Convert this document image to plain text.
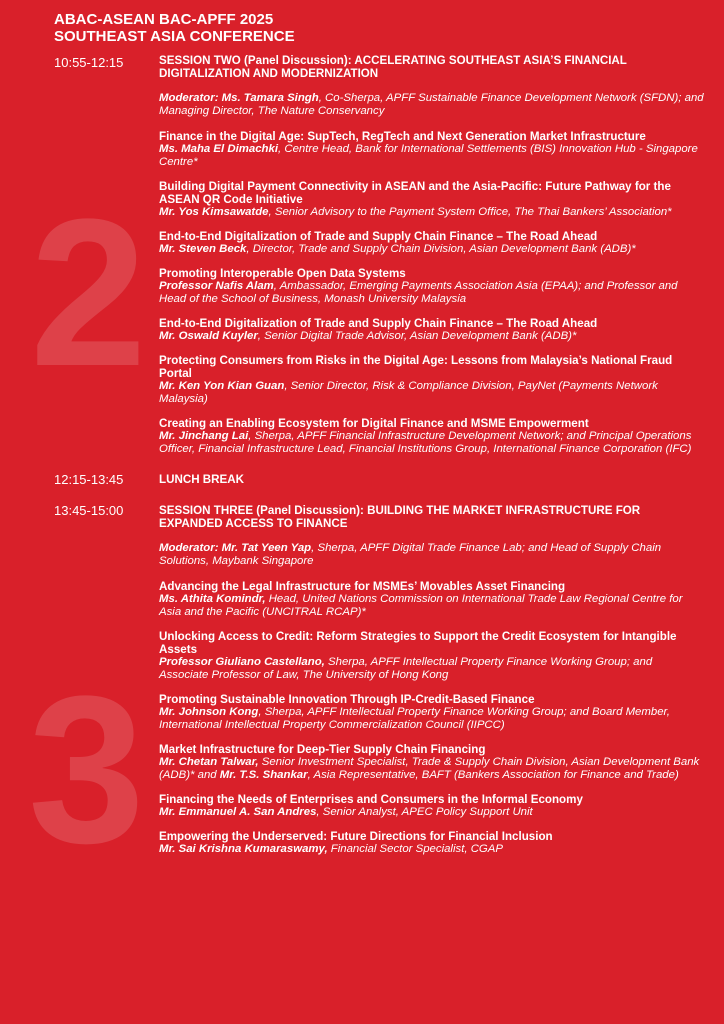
ABAC-ASEAN BAC-APFF 2025
SOUTHEAST ASIA CONFERENCE
2
3
10:55-12:15	SESSION TWO (Panel Discussion): ACCELERATING SOUTHEAST ASIA’S FINANCIAL DIGITALIZATION AND MODERNIZATION
Moderator: Ms. Tamara Singh, Co-Sherpa, APFF Sustainable Finance Development Network (SFDN); and Managing Director, The Nature Conservancy
Finance in the Digital Age: SupTech, RegTech and Next Generation Market Infrastructure
Ms. Maha El Dimachki, Centre Head, Bank for International Settlements (BIS) Innovation Hub - Singapore Centre*
Building Digital Payment Connectivity in ASEAN and the Asia-Pacific: Future Pathway for the ASEAN QR Code Initiative
Mr. Yos Kimsawatde, Senior Advisory to the Payment System Office, The Thai Bankers’ Association*
End-to-End Digitalization of Trade and Supply Chain Finance – The Road Ahead
Mr. Steven Beck, Director, Trade and Supply Chain Division, Asian Development Bank (ADB)*
Promoting Interoperable Open Data Systems
Professor Nafis Alam, Ambassador, Emerging Payments Association Asia (EPAA); and Professor and Head of the School of Business, Monash University Malaysia
End-to-End Digitalization of Trade and Supply Chain Finance – The Road Ahead
Mr. Oswald Kuyler, Senior Digital Trade Advisor, Asian Development Bank (ADB)*
Protecting Consumers from Risks in the Digital Age: Lessons from Malaysia’s National Fraud Portal
Mr. Ken Yon Kian Guan, Senior Director, Risk & Compliance Division, PayNet (Payments Network Malaysia)
Creating an Enabling Ecosystem for Digital Finance and MSME Empowerment
Mr. Jinchang Lai, Sherpa, APFF Financial Infrastructure Development Network; and Principal Operations Officer, Financial Infrastructure Lead, Financial Institutions Group, International Finance Corporation (IFC)
12:15-13:45	LUNCH BREAK
13:45-15:00	SESSION THREE (Panel Discussion): BUILDING THE MARKET INFRASTRUCTURE FOR EXPANDED ACCESS TO FINANCE
Moderator: Mr. Tat Yeen Yap, Sherpa, APFF Digital Trade Finance Lab; and Head of Supply Chain Solutions, Maybank Singapore
Advancing the Legal Infrastructure for MSMEs’ Movables Asset Financing
Ms. Athita Komindr, Head, United Nations Commission on International Trade Law Regional Centre for Asia and the Pacific (UNCITRAL RCAP)*
Unlocking Access to Credit: Reform Strategies to Support the Credit Ecosystem for Intangible Assets
Professor Giuliano Castellano, Sherpa, APFF Intellectual Property Finance Working Group; and Associate Professor of Law, The University of Hong Kong
Promoting Sustainable Innovation Through IP-Credit-Based Finance
Mr. Johnson Kong, Sherpa, APFF Intellectual Property Finance Working Group; and Board Member, International Intellectual Property Commercialization Council (IIPCC)
Market Infrastructure for Deep-Tier Supply Chain Financing
Mr. Chetan Talwar, Senior Investment Specialist, Trade & Supply Chain Division, Asian Development Bank (ADB)* and Mr. T.S. Shankar, Asia Representative, BAFT (Bankers Association for Finance and Trade)
Financing the Needs of Enterprises and Consumers in the Informal Economy
Mr. Emmanuel A. San Andres, Senior Analyst, APEC Policy Support Unit
Empowering the Underserved: Future Directions for Financial Inclusion
Mr. Sai Krishna Kumaraswamy, Financial Sector Specialist, CGAP
